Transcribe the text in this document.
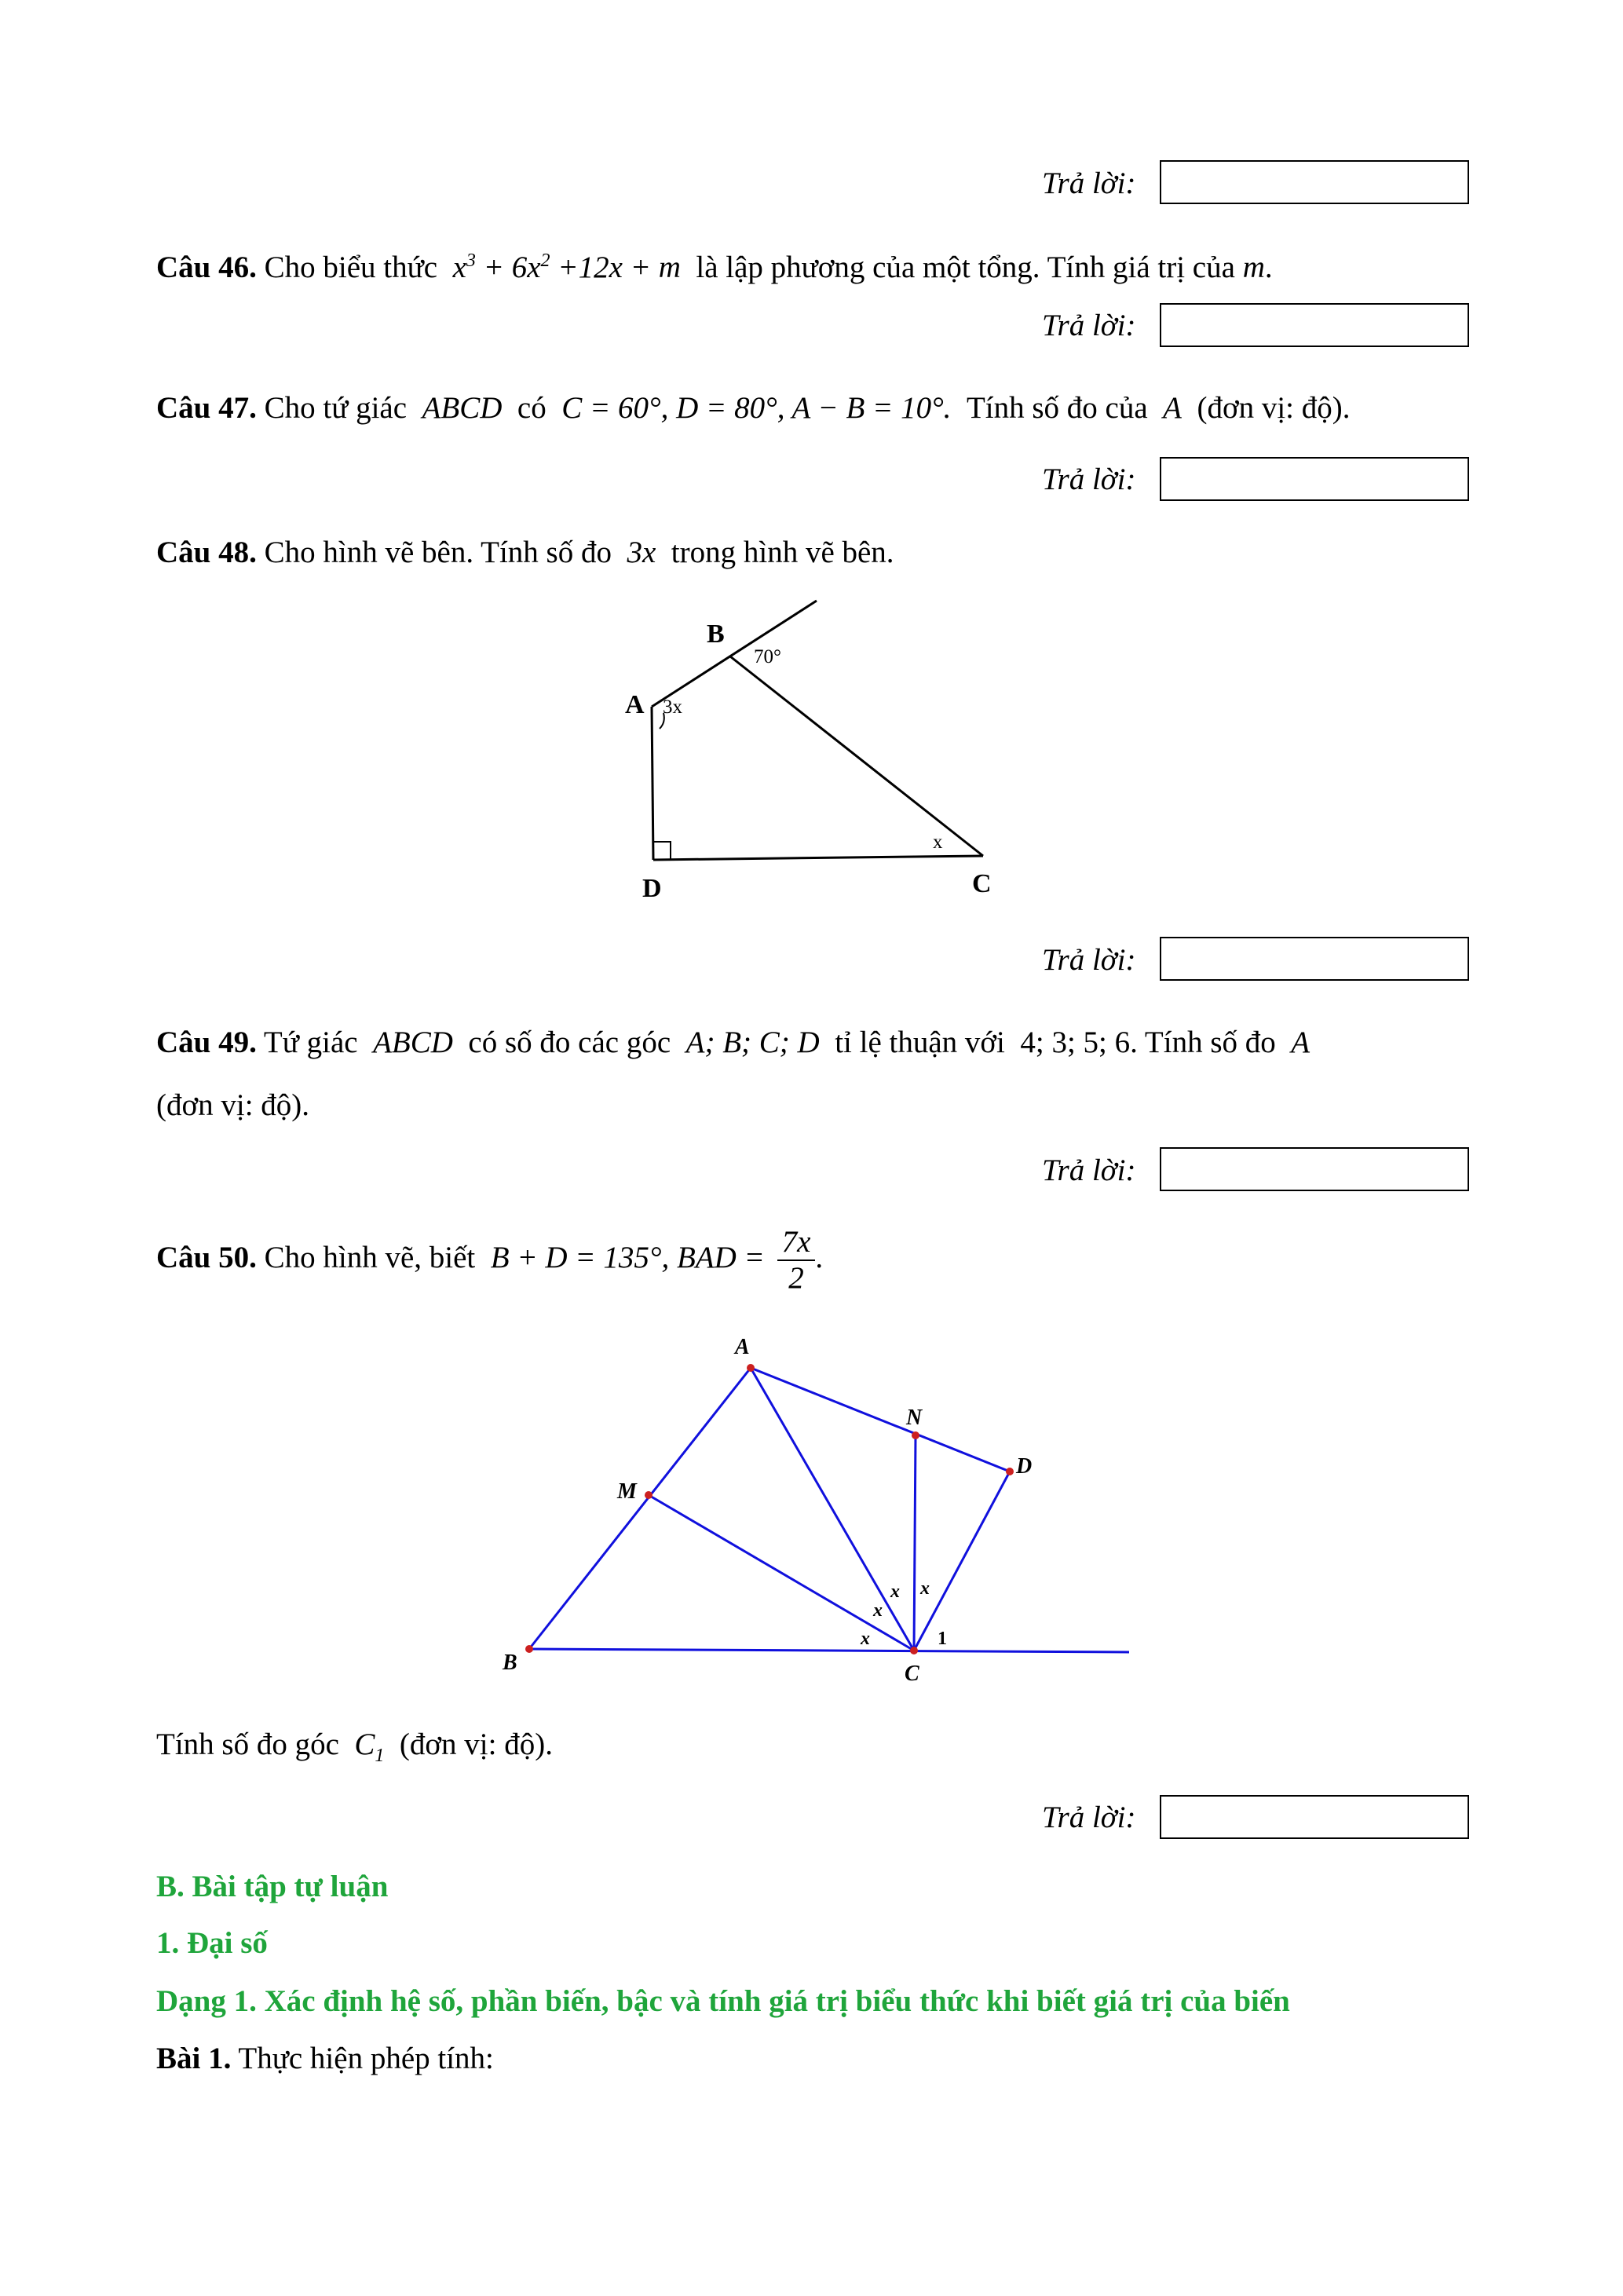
Trả lời:
Câu 46. Cho biểu thức $x^3 + 6x^2 +12x + m$ là lập phương của một tổng. Tính giá trị của m.
Trả lời:
Câu 47. Cho tứ giác ABCD có C = 60°, D = 80°, A − B = 10°. Tính số đo của A (đơn vị: độ).
Trả lời:
Câu 48. Cho hình vẽ bên. Tính số đo 3x trong hình vẽ bên.
B
A
D	C
70°
3x
x
Trả lời:
Câu 49. Tứ giác ABCD có số đo các góc A; B; C; D tỉ lệ thuận với 4; 3; 5; 6. Tính số đo A
(đơn vị: độ).
Trả lời:
Câu 50. Cho hình vẽ, biết B + D = 135°, BAD = $\frac{7x}{2}$ .
A
M
N
D
B	C
x
x
x x
1
Tính số đo góc $C_1$ (đơn vị: độ).
Trả lời:
B. Bài tập tự luận
1. Đại số
Dạng 1. Xác định hệ số, phần biến, bậc và tính giá trị biểu thức khi biết giá trị của biến
Bài 1. Thực hiện phép tính:
